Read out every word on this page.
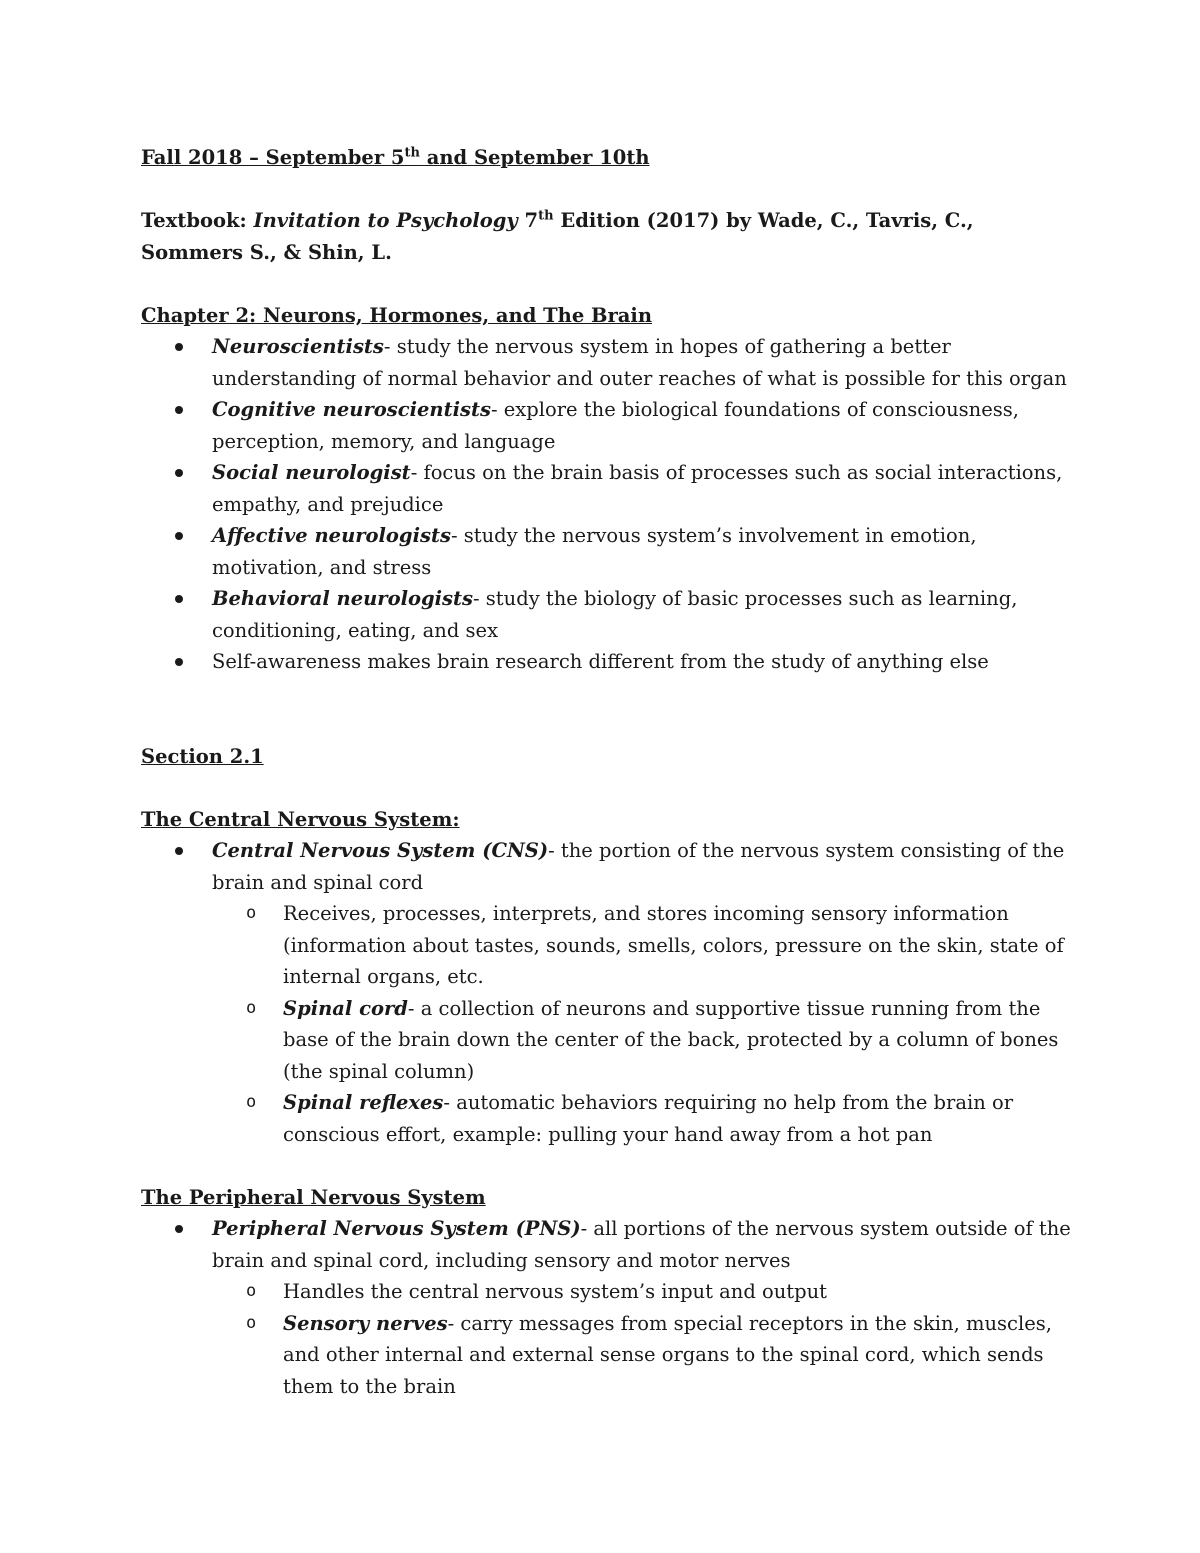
Fall 2018 – September 5th and September 10th

Textbook: Invitation to Psychology 7th Edition (2017) by Wade, C., Tavris, C., Sommers S., & Shin, L.

Chapter 2: Neurons, Hormones, and The Brain

Neuroscientists- study the nervous system in hopes of gathering a better understanding of normal behavior and outer reaches of what is possible for this organ
Cognitive neuroscientists- explore the biological foundations of consciousness, perception, memory, and language
Social neurologist- focus on the brain basis of processes such as social interactions, empathy, and prejudice
Affective neurologists- study the nervous system’s involvement in emotion, motivation, and stress
Behavioral neurologists- study the biology of basic processes such as learning, conditioning, eating, and sex
Self-awareness makes brain research different from the study of anything else

Section 2.1

The Central Nervous System:

Central Nervous System (CNS)- the portion of the nervous system consisting of the brain and spinal cord
o Receives, processes, interprets, and stores incoming sensory information (information about tastes, sounds, smells, colors, pressure on the skin, state of internal organs, etc.
o Spinal cord- a collection of neurons and supportive tissue running from the base of the brain down the center of the back, protected by a column of bones (the spinal column)
o Spinal reflexes- automatic behaviors requiring no help from the brain or conscious effort, example: pulling your hand away from a hot pan

The Peripheral Nervous System

Peripheral Nervous System (PNS)- all portions of the nervous system outside of the brain and spinal cord, including sensory and motor nerves
o Handles the central nervous system’s input and output
o Sensory nerves- carry messages from special receptors in the skin, muscles, and other internal and external sense organs to the spinal cord, which sends them to the brain
